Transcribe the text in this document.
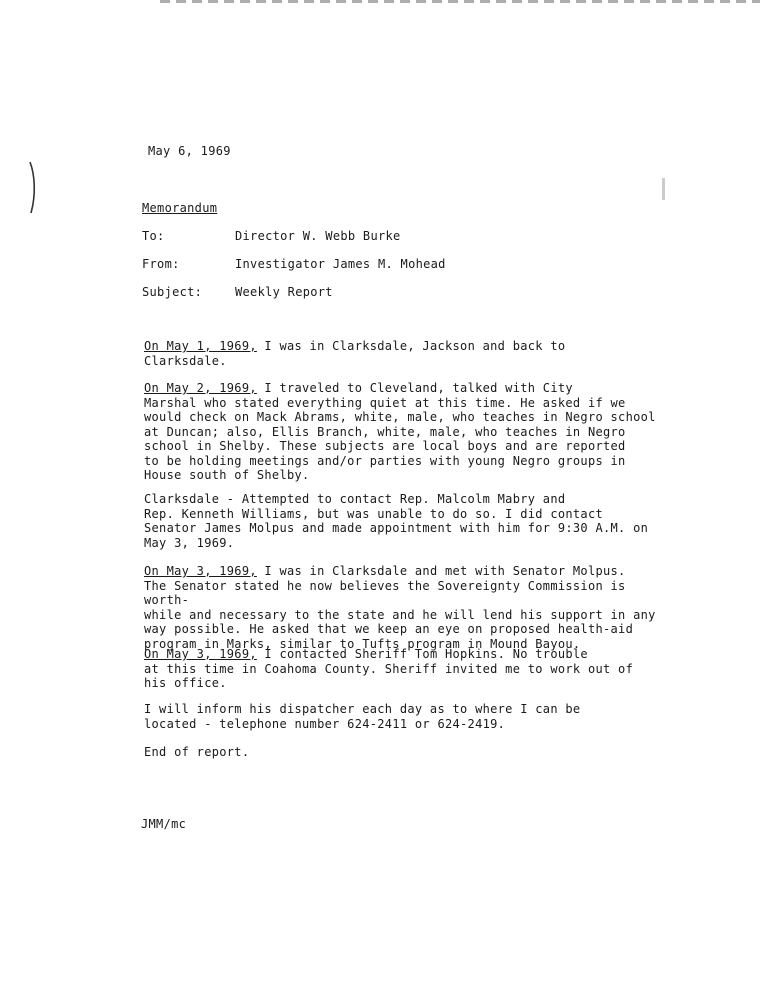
May 6, 1969
Memorandum
To:	Director W. Webb Burke
From:	Investigator James M. Mohead
Subject:	Weekly Report
On May 1, 1969, I was in Clarksdale, Jackson and back to
Clarksdale.
On May 2, 1969, I traveled to Cleveland, talked with City
Marshal who stated everything quiet at this time. He asked if we
would check on Mack Abrams, white, male, who teaches in Negro school
at Duncan; also, Ellis Branch, white, male, who teaches in Negro
school in Shelby. These subjects are local boys and are reported
to be holding meetings and/or parties with young Negro groups in
House south of Shelby.
Clarksdale - Attempted to contact Rep. Malcolm Mabry and
Rep. Kenneth Williams, but was unable to do so. I did contact
Senator James Molpus and made appointment with him for 9:30 A.M. on
May 3, 1969.
On May 3, 1969, I was in Clarksdale and met with Senator Molpus.
The Senator stated he now believes the Sovereignty Commission is worth-
while and necessary to the state and he will lend his support in any
way possible. He asked that we keep an eye on proposed health-aid
program in Marks, similar to Tufts program in Mound Bayou.
On May 3, 1969, I contacted Sheriff Tom Hopkins. No trouble
at this time in Coahoma County. Sheriff invited me to work out of
his office.
I will inform his dispatcher each day as to where I can be
located - telephone number 624-2411 or 624-2419.
End of report.
JMM/mc
